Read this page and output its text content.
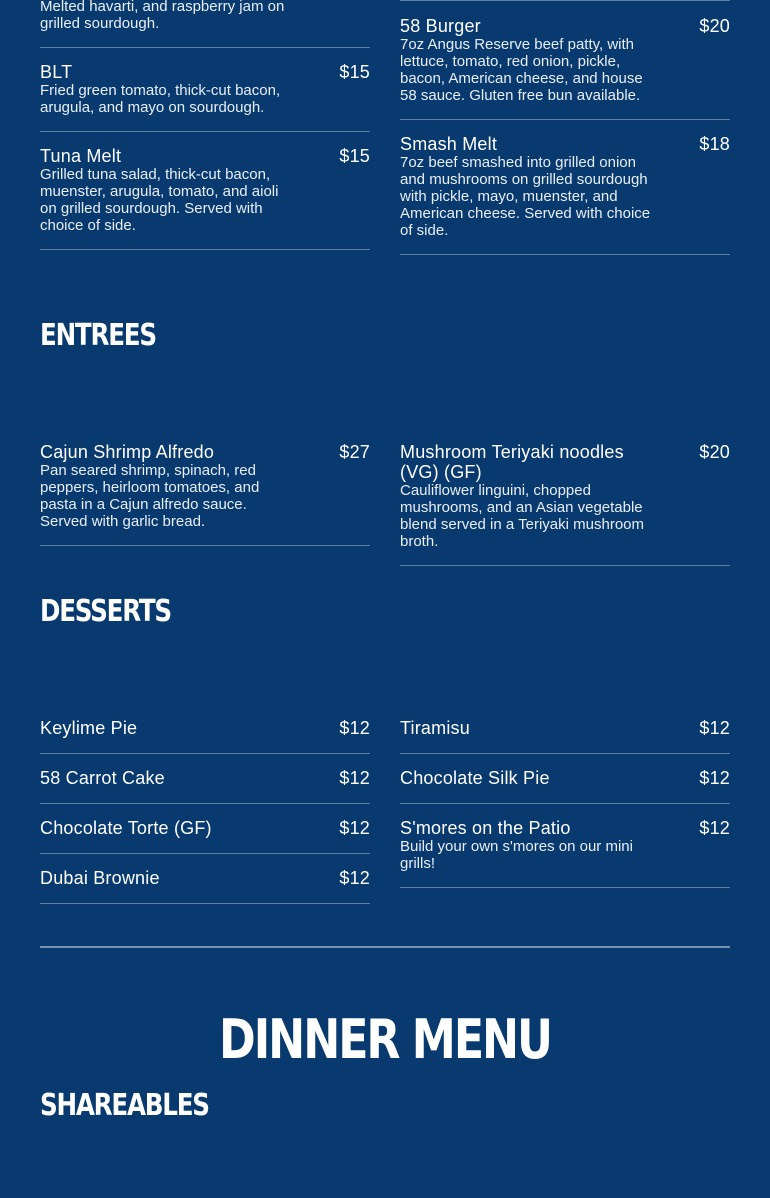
Melted havarti, and raspberry jam on grilled sourdough.
BLT	$15
Fried green tomato, thick-cut bacon, arugula, and mayo on sourdough.
Tuna Melt	$15
Grilled tuna salad, thick-cut bacon, muenster, arugula, tomato, and aioli on grilled sourdough. Served with choice of side.
58 Burger	$20
7oz Angus Reserve beef patty, with lettuce, tomato, red onion, pickle, bacon, American cheese, and house 58 sauce. Gluten free bun available.
Smash Melt	$18
7oz beef smashed into grilled onion and mushrooms on grilled sourdough with pickle, mayo, muenster, and American cheese. Served with choice of side.
ENTREES
Cajun Shrimp Alfredo	$27
Pan seared shrimp, spinach, red peppers, heirloom tomatoes, and pasta in a Cajun alfredo sauce. Served with garlic bread.
Mushroom Teriyaki noodles (VG) (GF)
$20
Cauliflower linguini, chopped mushrooms, and an Asian vegetable blend served in a Teriyaki mushroom broth.
DESSERTS
Keylime Pie	$12
58 Carrot Cake	$12
Chocolate Torte (GF)	$12
Dubai Brownie	$12
Tiramisu	$12
Chocolate Silk Pie	$12
S'mores on the Patio	$12
Build your own s'mores on our mini grills!
DINNER MENU
SHAREABLES
